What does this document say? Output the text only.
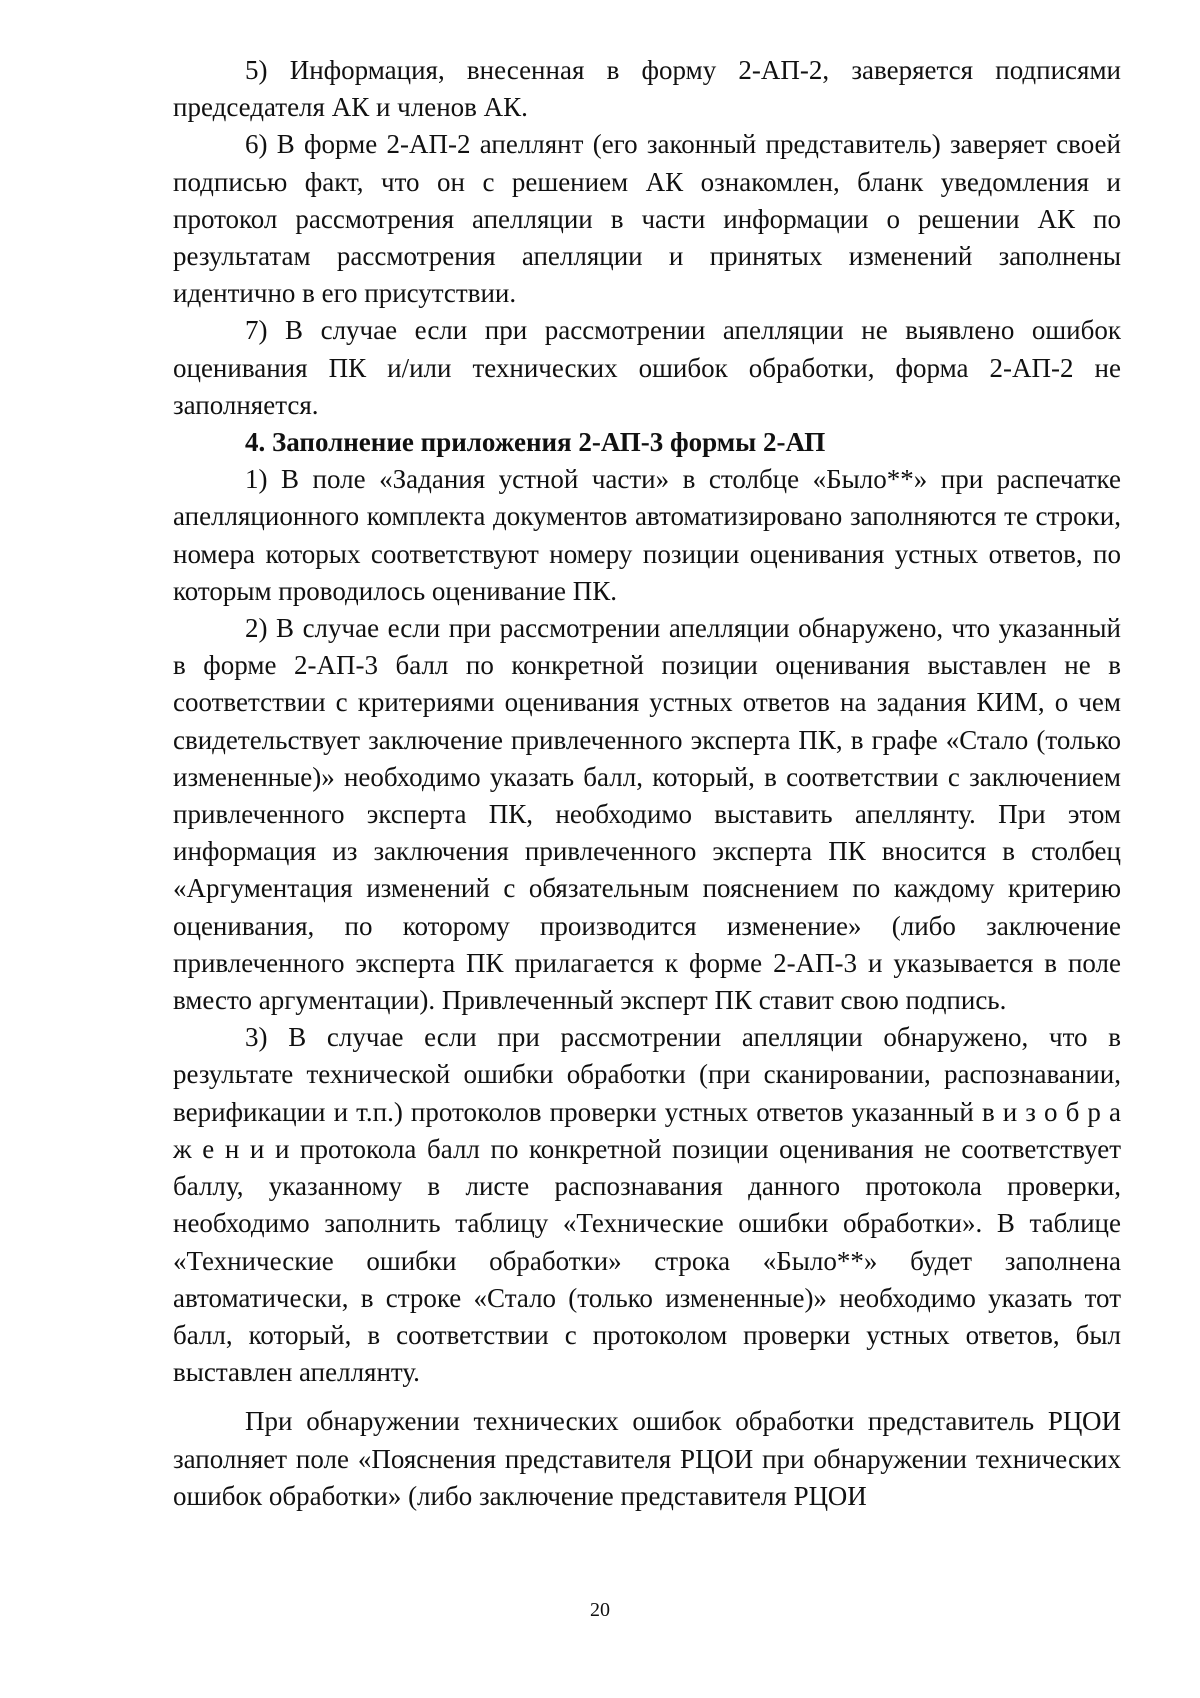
5) Информация, внесенная в форму 2-АП-2, заверяется подписями председателя АК и членов АК.

6) В форме 2-АП-2 апеллянт (его законный представитель) заверяет своей подписью факт, что он с решением АК ознакомлен, бланк уведомления и протокол рассмотрения апелляции в части информации о решении АК по результатам рассмотрения апелляции и принятых изменений заполнены идентично в его присутствии.

7) В случае если при рассмотрении апелляции не выявлено ошибок оценивания ПК и/или технических ошибок обработки, форма 2-АП-2 не заполняется.

4. Заполнение приложения 2-АП-3 формы 2-АП

1) В поле «Задания устной части» в столбце «Было**» при распечатке апелляционного комплекта документов автоматизировано заполняются те строки, номера которых соответствуют номеру позиции оценивания устных ответов, по которым проводилось оценивание ПК.

2) В случае если при рассмотрении апелляции обнаружено, что указанный в форме 2-АП-3 балл по конкретной позиции оценивания выставлен не в соответствии с критериями оценивания устных ответов на задания КИМ, о чем свидетельствует заключение привлеченного эксперта ПК, в графе «Стало (только измененные)» необходимо указать балл, который, в соответствии с заключением привлеченного эксперта ПК, необходимо выставить апеллянту. При этом информация из заключения привлеченного эксперта ПК вносится в столбец «Аргументация изменений с обязательным пояснением по каждому критерию оценивания, по которому производится изменение» (либо заключение привлеченного эксперта ПК прилагается к форме 2-АП-3 и указывается в поле вместо аргументации). Привлеченный эксперт ПК ставит свою подпись.

3) В случае если при рассмотрении апелляции обнаружено, что в результате технической ошибки обработки (при сканировании, распознавании, верификации и т.п.) протоколов проверки устных ответов указанный в и з о б р а ж е н и и протокола балл по конкретной позиции оценивания не соответствует баллу, указанному в листе распознавания данного протокола проверки, необходимо заполнить таблицу «Технические ошибки обработки». В таблице «Технические ошибки обработки» строка «Было**» будет заполнена автоматически, в строке «Стало (только измененные)» необходимо указать тот балл, который, в соответствии с протоколом проверки устных ответов, был выставлен апеллянту.

При обнаружении технических ошибок обработки представитель РЦОИ заполняет поле «Пояснения представителя РЦОИ при обнаружении технических ошибок обработки» (либо заключение представителя РЦОИ

20
